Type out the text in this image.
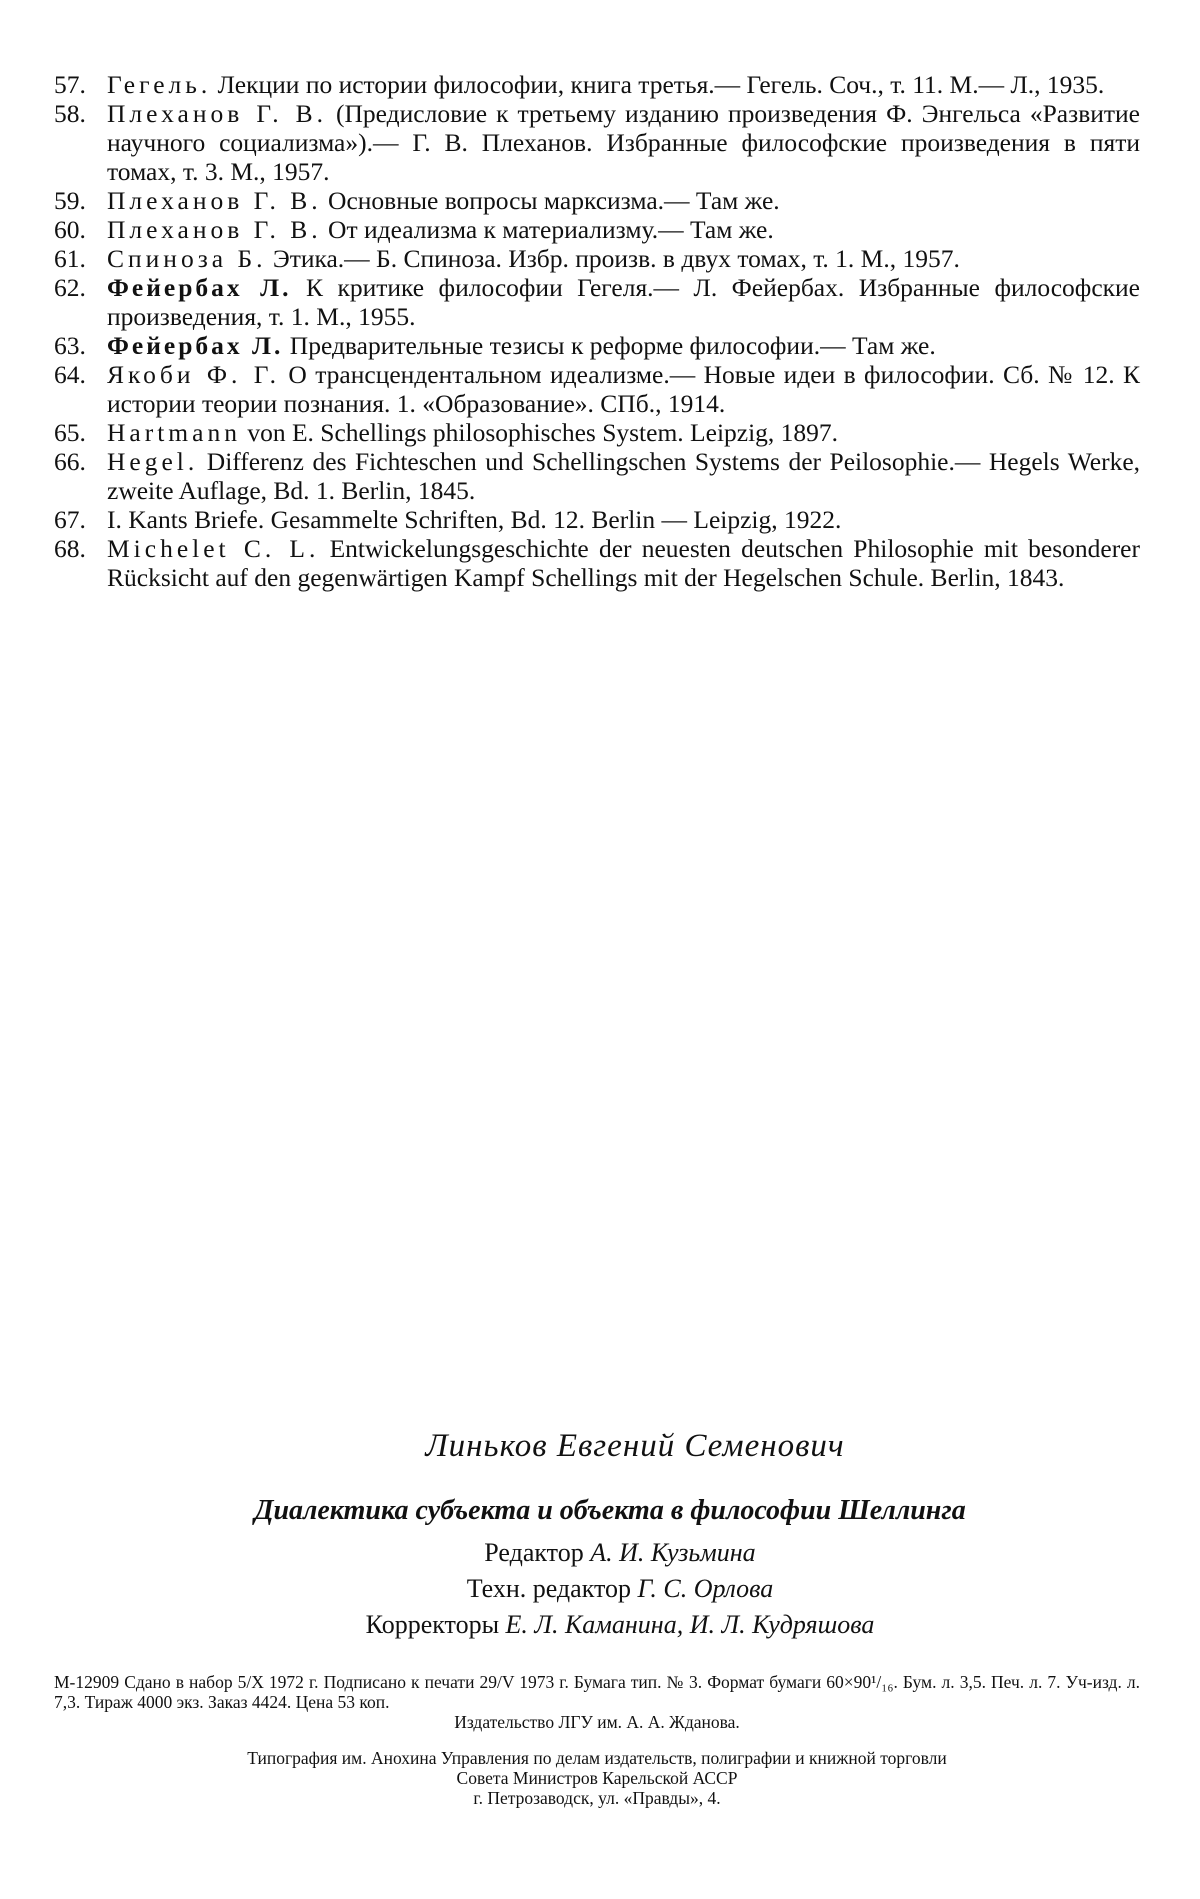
57. Гегель. Лекции по истории философии, книга третья.— Гегель. Соч., т. 11. М.— Л., 1935.
58. Плеханов Г. В. (Предисловие к третьему изданию произведения Ф. Энгельса «Развитие научного социализма»).— Г. В. Плеханов. Избранные философские произведения в пяти томах, т. 3. М., 1957.
59. Плеханов Г. В. Основные вопросы марксизма.— Там же.
60. Плеханов Г. В. От идеализма к материализму.— Там же.
61. Спиноза Б. Этика.— Б. Спиноза. Избр. произв. в двух томах, т. 1. М., 1957.
62. Фейербах Л. К критике философии Гегеля.— Л. Фейербах. Избранные философские произведения, т. 1. М., 1955.
63. Фейербах Л. Предварительные тезисы к реформе философии.— Там же.
64. Якоби Ф. Г. О трансцендентальном идеализме.— Новые идеи в философии. Сб. № 12. К истории теории познания. 1. «Образование». СПб., 1914.
65. Hartmann von E. Schellings philosophisches System. Leipzig, 1897.
66. Hegel. Differenz des Fichteschen und Schellingschen Systems der Peilosophie.— Hegels Werke, zweite Auflage, Bd. 1. Berlin, 1845.
67. I. Kants Briefe. Gesammelte Schriften, Bd. 12. Berlin — Leipzig, 1922.
68. Michelet C. L. Entwickelungsgeschichte der neuesten deutschen Philosophie mit besonderer Rücksicht auf den gegenwärtigen Kampf Schellings mit der Hegelschen Schule. Berlin, 1843.

Линьков Евгений Семенович

Диалектика субъекта и объекта в философии Шеллинга

Редактор А. И. Кузьмина

Техн. редактор Г. С. Орлова

Корректоры Е. Л. Каманина, И. Л. Кудряшова

М-12909 Сдано в набор 5/X 1972 г. Подписано к печати 29/V 1973 г. Бумага тип. № 3. Формат бумаги 60×90¹/₁₆. Бум. л. 3,5. Печ. л. 7. Уч-изд. л. 7,3. Тираж 4000 экз. Заказ 4424. Цена 53 коп.

Издательство ЛГУ им. А. А. Жданова.

Типография им. Анохина Управления по делам издательств, полиграфии и книжной торговли

Совета Министров Карельской АССР

г. Петрозаводск, ул. «Правды», 4.
